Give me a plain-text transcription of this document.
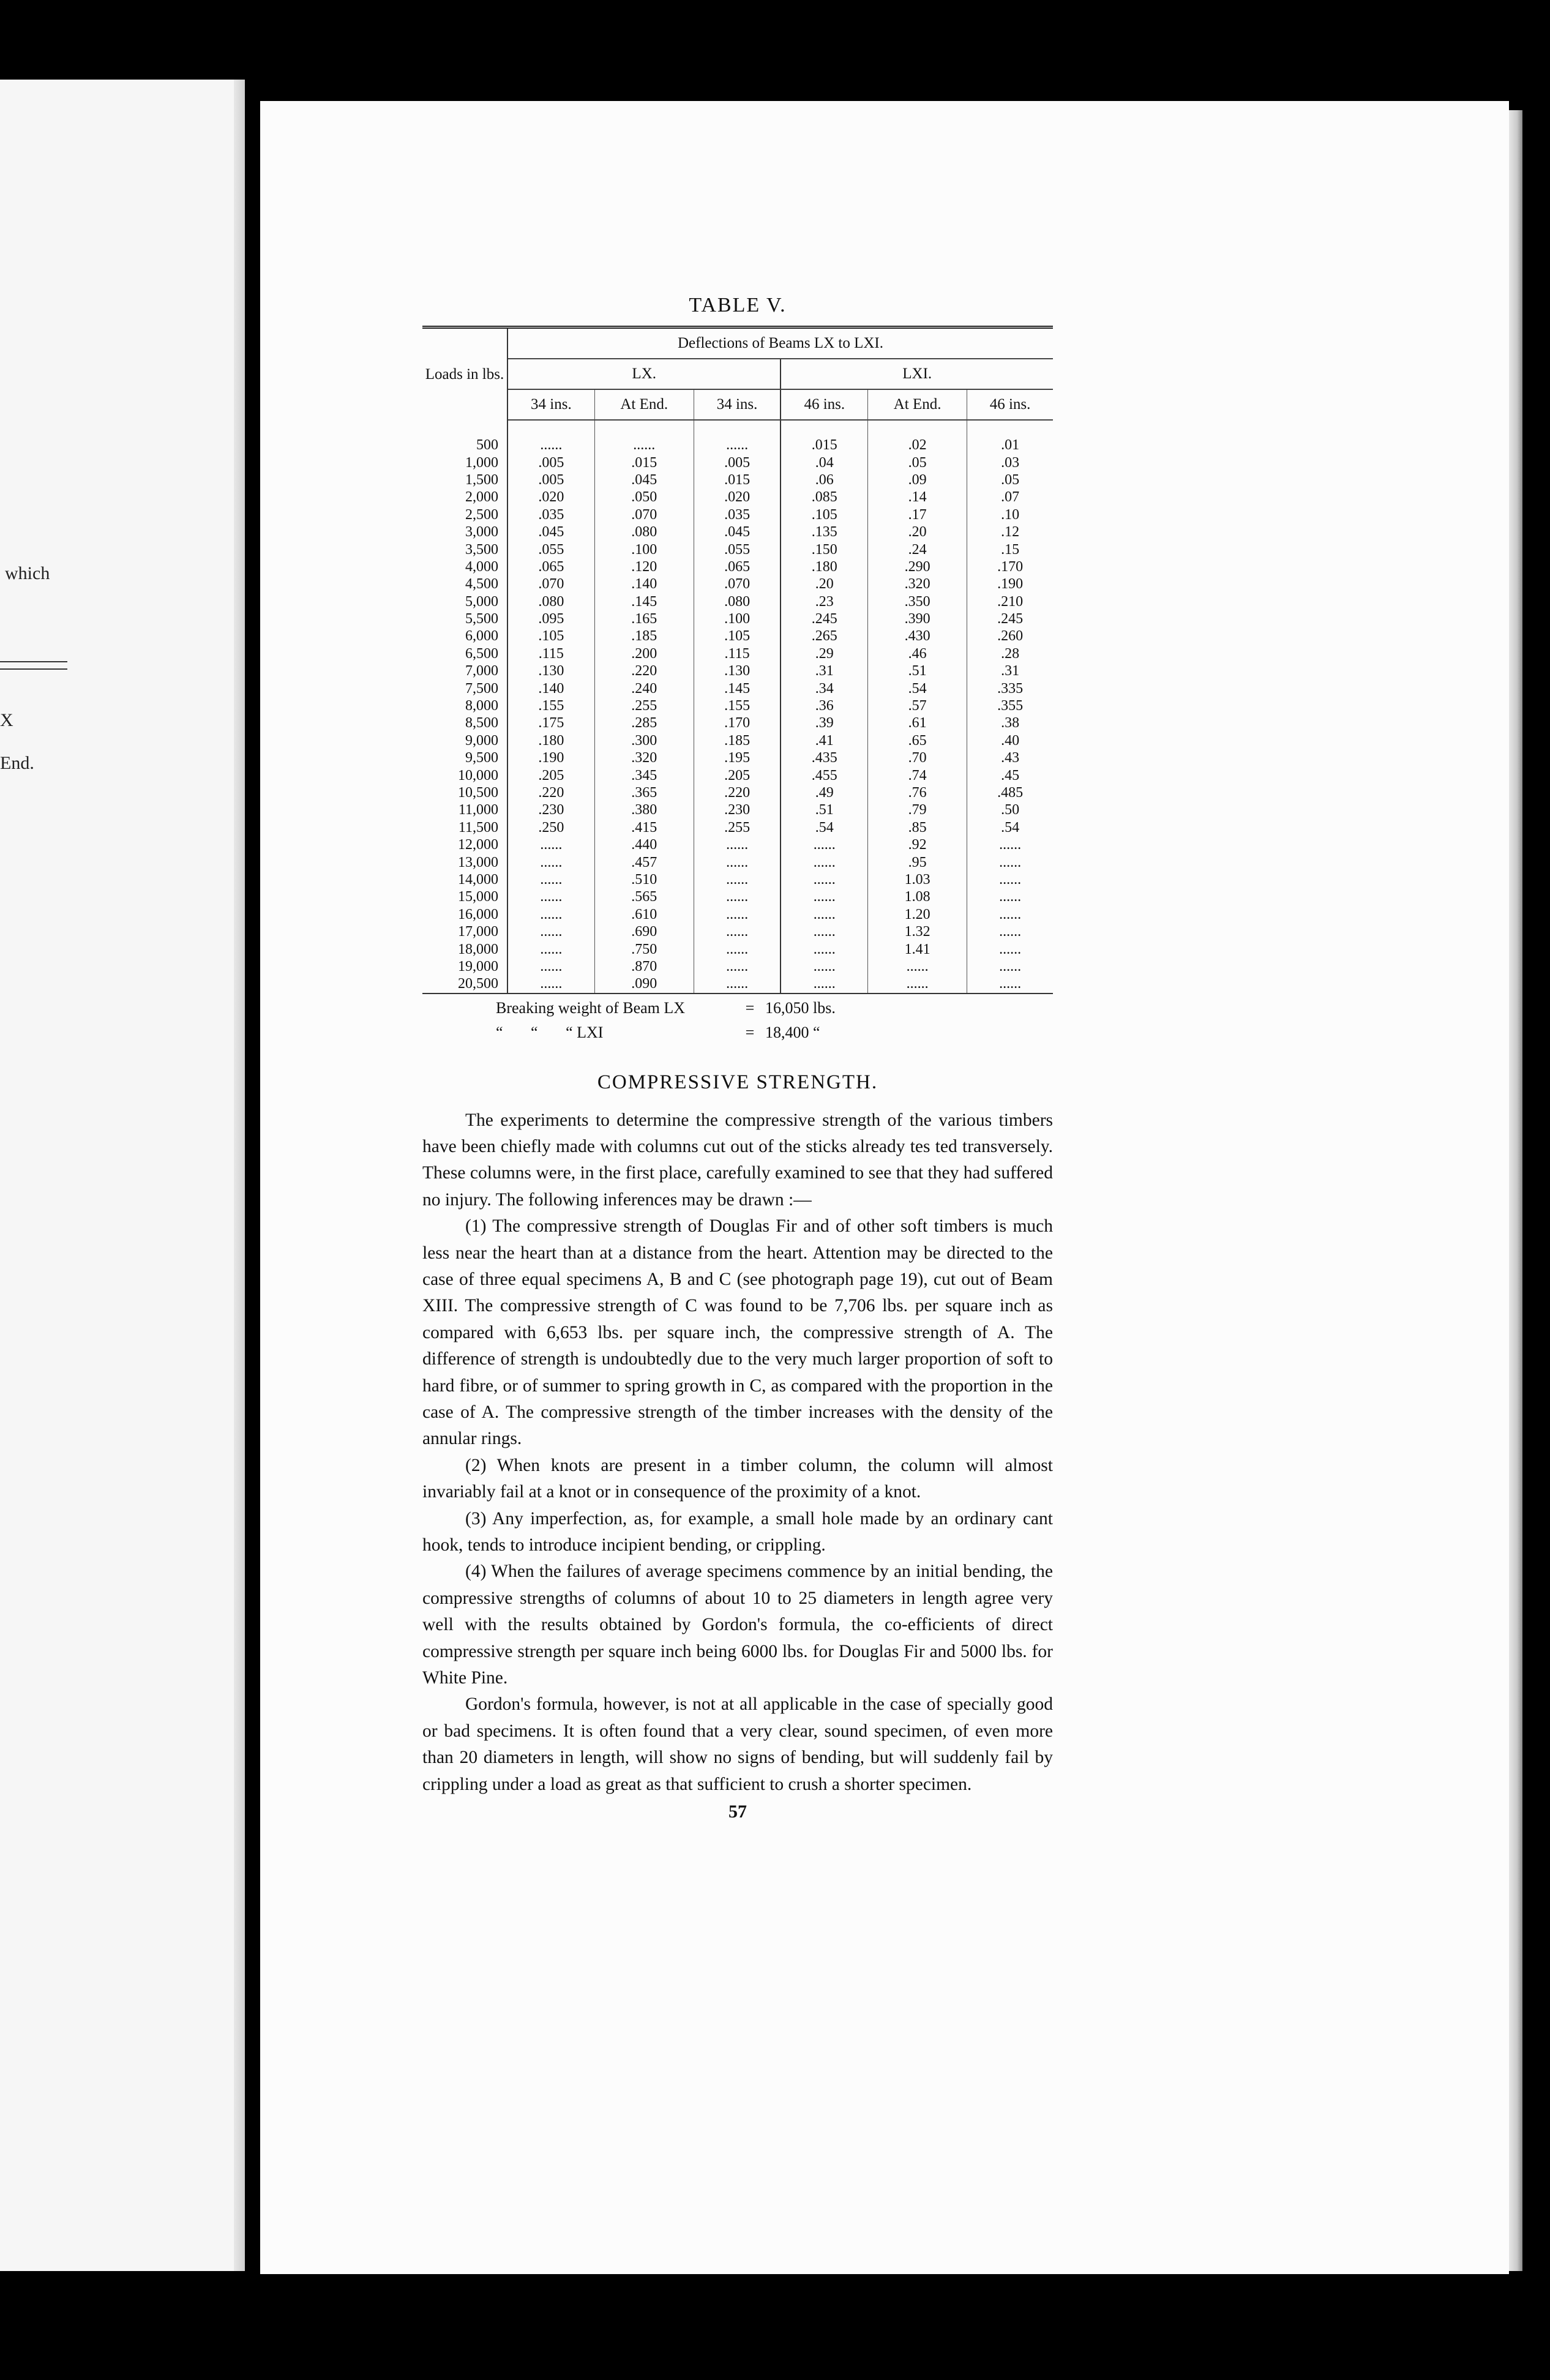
which
X
End.
TABLE V.
Loads in lbs.	Deflections of Beams LX to LXI.					
	LX.			LXI.		
	34 ins.	At End.	34 ins.	46 ins.	At End.	46 ins.
500	......	......	......	.015	.02	.01
1,000	.005	.015	.005	.04	.05	.03
1,500	.005	.045	.015	.06	.09	.05
2,000	.020	.050	.020	.085	.14	.07
2,500	.035	.070	.035	.105	.17	.10
3,000	.045	.080	.045	.135	.20	.12
3,500	.055	.100	.055	.150	.24	.15
4,000	.065	.120	.065	.180	.290	.170
4,500	.070	.140	.070	.20	.320	.190
5,000	.080	.145	.080	.23	.350	.210
5,500	.095	.165	.100	.245	.390	.245
6,000	.105	.185	.105	.265	.430	.260
6,500	.115	.200	.115	.29	.46	.28
7,000	.130	.220	.130	.31	.51	.31
7,500	.140	.240	.145	.34	.54	.335
8,000	.155	.255	.155	.36	.57	.355
8,500	.175	.285	.170	.39	.61	.38
9,000	.180	.300	.185	.41	.65	.40
9,500	.190	.320	.195	.435	.70	.43
10,000	.205	.345	.205	.455	.74	.45
10,500	.220	.365	.220	.49	.76	.485
11,000	.230	.380	.230	.51	.79	.50
11,500	.250	.415	.255	.54	.85	.54
12,000	......	.440	......	......	.92	......
13,000	......	.457	......	......	.95	......
14,000	......	.510	......	......	1.03	......
15,000	......	.565	......	......	1.08	......
16,000	......	.610	......	......	1.20	......
17,000	......	.690	......	......	1.32	......
18,000	......	.750	......	......	1.41	......
19,000	......	.870	......	......	......	......
20,500	......	.090	......	......	......	......
Breaking weight of Beam LX	= 16,050 lbs.
“       “       “ LXI	= 18,400 “
COMPRESSIVE STRENGTH.

The experiments to determine the compressive strength of the various timbers have been chiefly made with columns cut out of the sticks already tes ted transversely. These columns were, in the first place, carefully examined to see that they had suffered no injury. The following inferences may be drawn :—

(1) The compressive strength of Douglas Fir and of other soft timbers is much less near the heart than at a distance from the heart. Attention may be directed to the case of three equal specimens A, B and C (see photograph page 19), cut out of Beam XIII. The compressive strength of C was found to be 7,706 lbs. per square inch as compared with 6,653 lbs. per square inch, the compressive strength of A. The difference of strength is undoubtedly due to the very much larger proportion of soft to hard fibre, or of summer to spring growth in C, as compared with the proportion in the case of A. The compressive strength of the timber increases with the density of the annular rings.

(2) When knots are present in a timber column, the column will almost invariably fail at a knot or in consequence of the proximity of a knot.

(3) Any imperfection, as, for example, a small hole made by an ordinary cant hook, tends to introduce incipient bending, or crippling.

(4) When the failures of average specimens commence by an initial bending, the compressive strengths of columns of about 10 to 25 diameters in length agree very well with the results obtained by Gordon's formula, the co-efficients of direct compressive strength per square inch being 6000 lbs. for Douglas Fir and 5000 lbs. for White Pine.

Gordon's formula, however, is not at all applicable in the case of specially good or bad specimens. It is often found that a very clear, sound specimen, of even more than 20 diameters in length, will show no signs of bending, but will suddenly fail by crippling under a load as great as that sufficient to crush a shorter specimen.

57
